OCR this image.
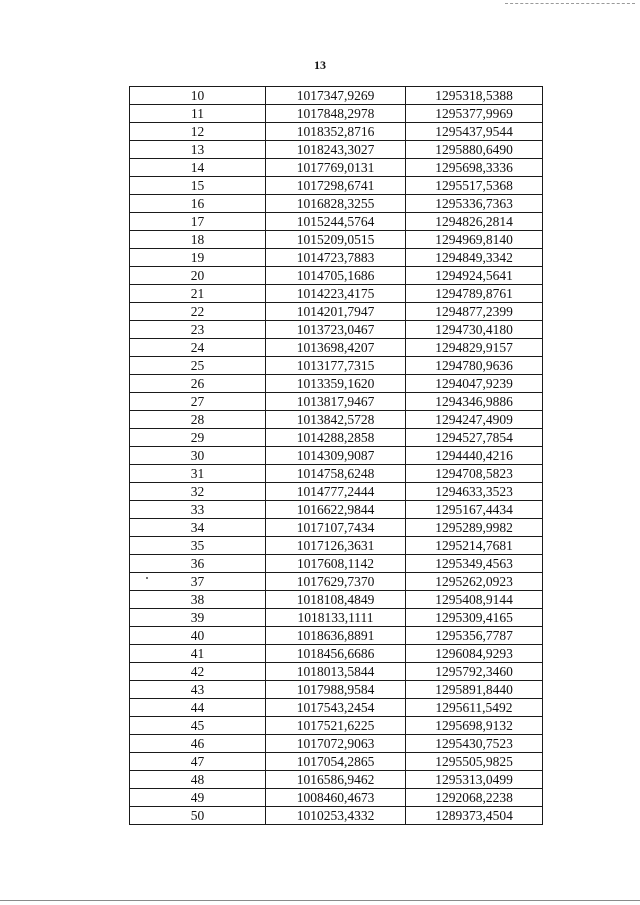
13
10	1017347,9269	1295318,5388
11	1017848,2978	1295377,9969
12	1018352,8716	1295437,9544
13	1018243,3027	1295880,6490
14	1017769,0131	1295698,3336
15	1017298,6741	1295517,5368
16	1016828,3255	1295336,7363
17	1015244,5764	1294826,2814
18	1015209,0515	1294969,8140
19	1014723,7883	1294849,3342
20	1014705,1686	1294924,5641
21	1014223,4175	1294789,8761
22	1014201,7947	1294877,2399
23	1013723,0467	1294730,4180
24	1013698,4207	1294829,9157
25	1013177,7315	1294780,9636
26	1013359,1620	1294047,9239
27	1013817,9467	1294346,9886
28	1013842,5728	1294247,4909
29	1014288,2858	1294527,7854
30	1014309,9087	1294440,4216
31	1014758,6248	1294708,5823
32	1014777,2444	1294633,3523
33	1016622,9844	1295167,4434
34	1017107,7434	1295289,9982
35	1017126,3631	1295214,7681
36	1017608,1142	1295349,4563
37	1017629,7370	1295262,0923
38	1018108,4849	1295408,9144
39	1018133,1111	1295309,4165
40	1018636,8891	1295356,7787
41	1018456,6686	1296084,9293
42	1018013,5844	1295792,3460
43	1017988,9584	1295891,8440
44	1017543,2454	1295611,5492
45	1017521,6225	1295698,9132
46	1017072,9063	1295430,7523
47	1017054,2865	1295505,9825
48	1016586,9462	1295313,0499
49	1008460,4673	1292068,2238
50	1010253,4332	1289373,4504
